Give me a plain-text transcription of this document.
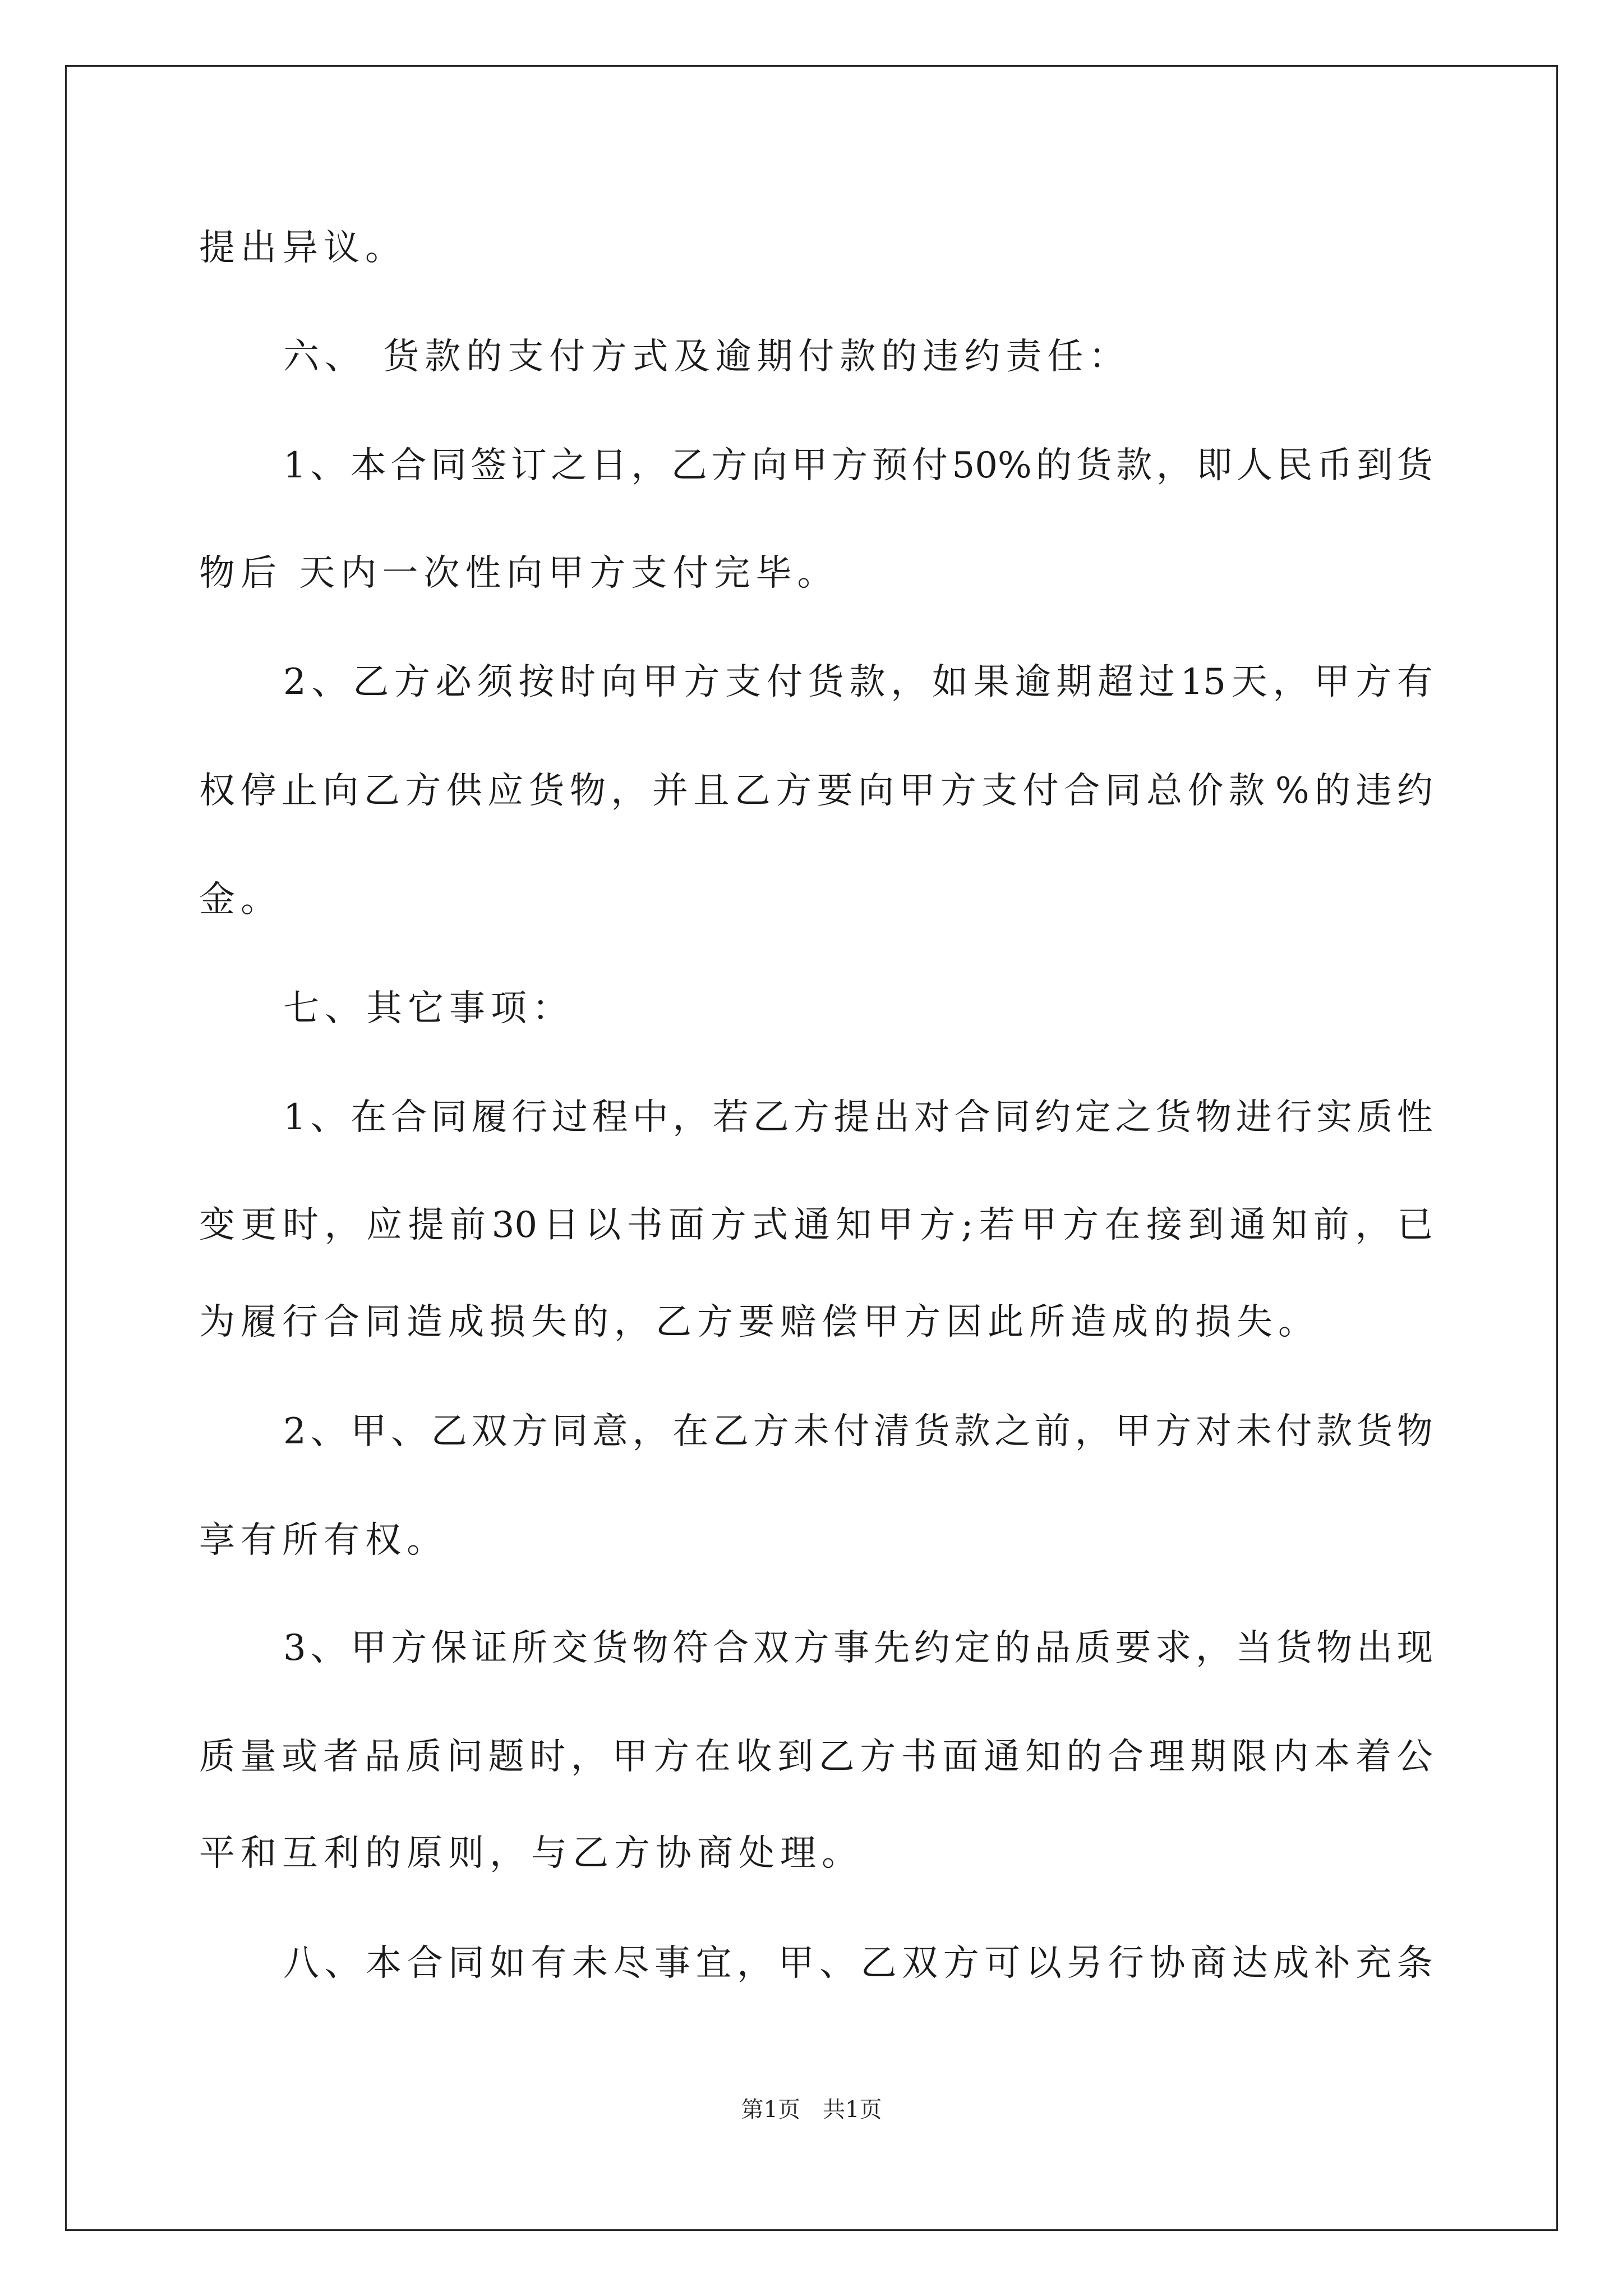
提出异议。
六、 货款的支付方式及逾期付款的违约责任：
1 、 本 合 同 签 订 之 日 ， 乙 方 向 甲 方 预 付 50% 的 货 款 ， 即 人 民 币 到 货
物后 天内一次性向甲方支付完毕。
2 、 乙 方 必 须 按 时 向 甲 方 支 付 货 款 ， 如 果 逾 期 超 过 15 天 ， 甲 方 有
权 停 止 向 乙 方 供 应 货 物 ， 并 且 乙 方 要 向 甲 方 支 付 合 同 总 价 款 % 的 违 约
金。
七、其它事项：
1 、 在 合 同 履 行 过 程 中 ， 若 乙 方 提 出 对 合 同 约 定 之 货 物 进 行 实 质 性
变 更 时 ， 应 提 前 30 日 以 书 面 方 式 通 知 甲 方 ; 若 甲 方 在 接 到 通 知 前 ， 已
为履行合同造成损失的，乙方要赔偿甲方因此所造成的损失。
2 、 甲 、 乙 双 方 同 意 ， 在 乙 方 未 付 清 货 款 之 前 ， 甲 方 对 未 付 款 货 物
享有所有权。
3 、 甲 方 保 证 所 交 货 物 符 合 双 方 事 先 约 定 的 品 质 要 求 ， 当 货 物 出 现
质 量 或 者 品 质 问 题 时 ， 甲 方 在 收 到 乙 方 书 面 通 知 的 合 理 期 限 内 本 着 公
平和互利的原则，与乙方协商处理。
八 、 本 合 同 如 有 未 尽 事 宜 ， 甲 、 乙 双 方 可 以 另 行 协 商 达 成 补 充 条
第1页　共1页
